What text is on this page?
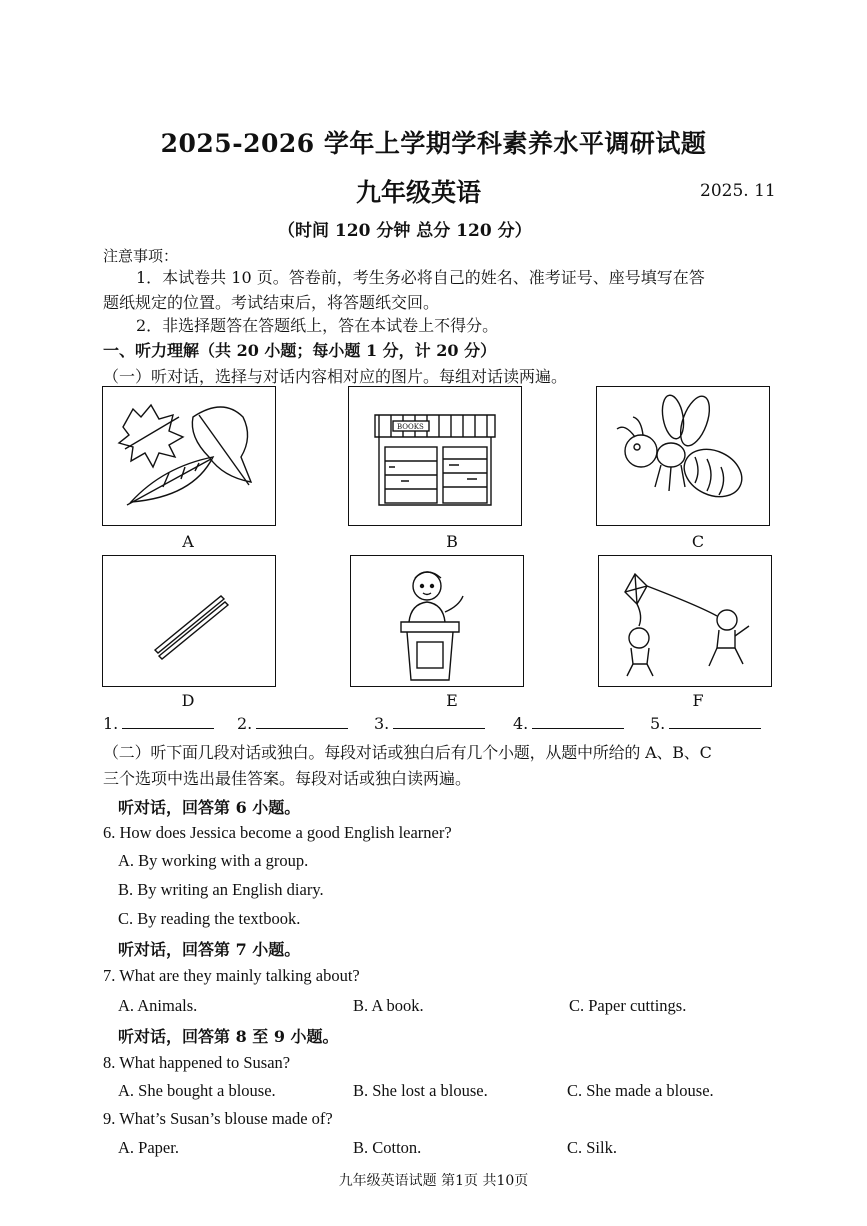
2025-2026 学年上学期学科素养水平调研试题
九年级英语	2025. 11
（时间 120 分钟 总分 120 分）
注意事项：
1．本试卷共 10 页。答卷前，考生务必将自己的姓名、准考证号、座号填写在答
题纸规定的位置。考试结束后，将答题纸交回。
2．非选择题答在答题纸上，答在本试卷上不得分。
一、听力理解（共 20 小题；每小题 1 分，计 20 分）
（一）听对话，选择与对话内容相对应的图片。每组对话读两遍。
A
BOOKS
B	C
D	E	F
1.	2.	3.	4.	5.
（二）听下面几段对话或独白。每段对话或独白后有几个小题，从题中所给的 A、B、C
三个选项中选出最佳答案。每段对话或独白读两遍。
听对话，回答第 6 小题。
6. How does Jessica become a good English learner?
A. By working with a group.
B. By writing an English diary.
C. By reading the textbook.
听对话，回答第 7 小题。
7. What are they mainly talking about?
A. Animals.	B. A book.	C. Paper cuttings.
听对话，回答第 8 至 9 小题。
8. What happened to Susan?
A. She bought a blouse.	B. She lost a blouse.	C. She made a blouse.
9. What’s Susan’s blouse made of?
A. Paper.	B. Cotton.	C. Silk.
九年级英语试题 第1页 共10页
